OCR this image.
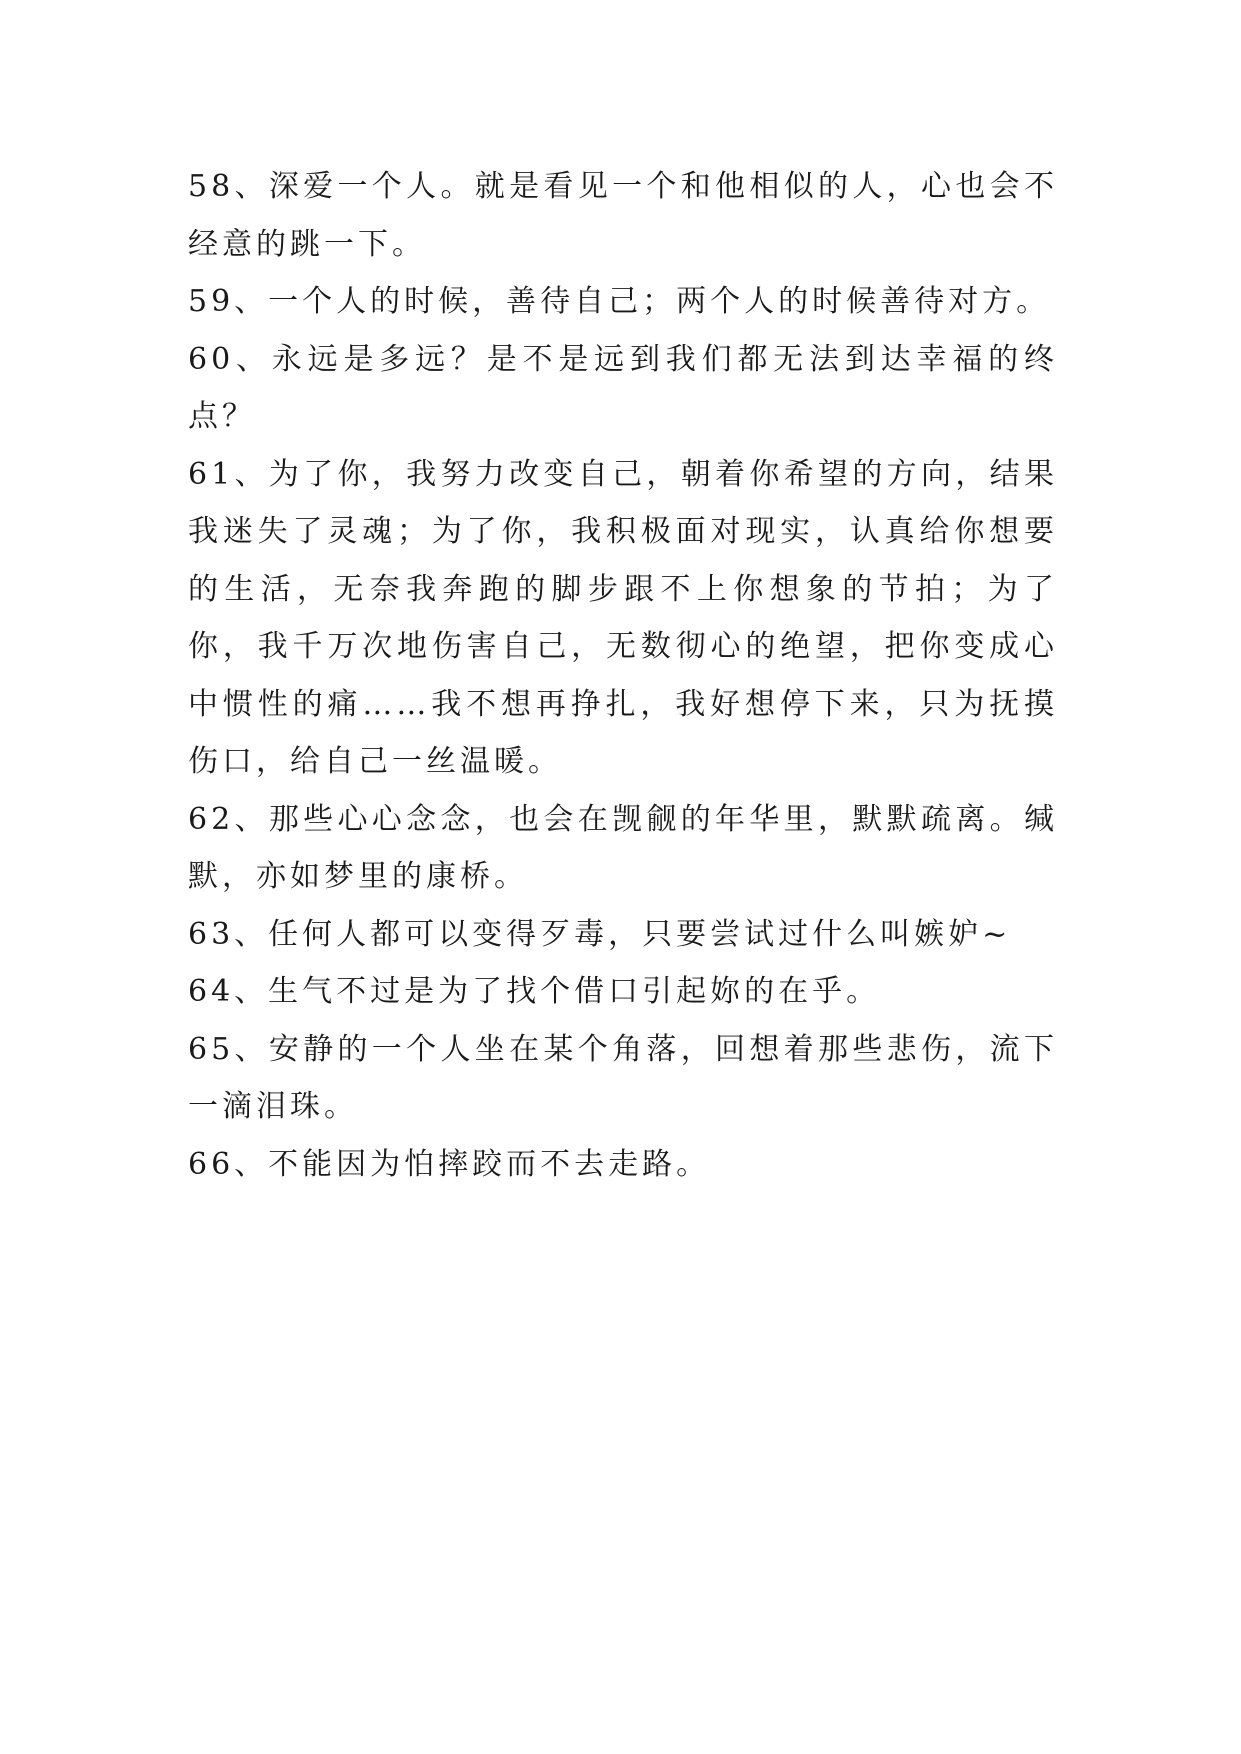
58、深爱一个人。就是看见一个和他相似的人，心也会不经意的跳一下。

59、一个人的时候，善待自己；两个人的时候善待对方。

60、永远是多远？是不是远到我们都无法到达幸福的终点？

61、为了你，我努力改变自己，朝着你希望的方向，结果我迷失了灵魂；为了你，我积极面对现实，认真给你想要的生活，无奈我奔跑的脚步跟不上你想象的节拍；为了你，我千万次地伤害自己，无数彻心的绝望，把你变成心中惯性的痛……我不想再挣扎，我好想停下来，只为抚摸伤口，给自己一丝温暖。

62、那些心心念念，也会在觊觎的年华里，默默疏离。缄默，亦如梦里的康桥。

63、任何人都可以变得歹毒，只要尝试过什么叫嫉妒~

64、生气不过是为了找个借口引起妳的在乎。

65、安静的一个人坐在某个角落，回想着那些悲伤，流下一滴泪珠。

66、不能因为怕摔跤而不去走路。
